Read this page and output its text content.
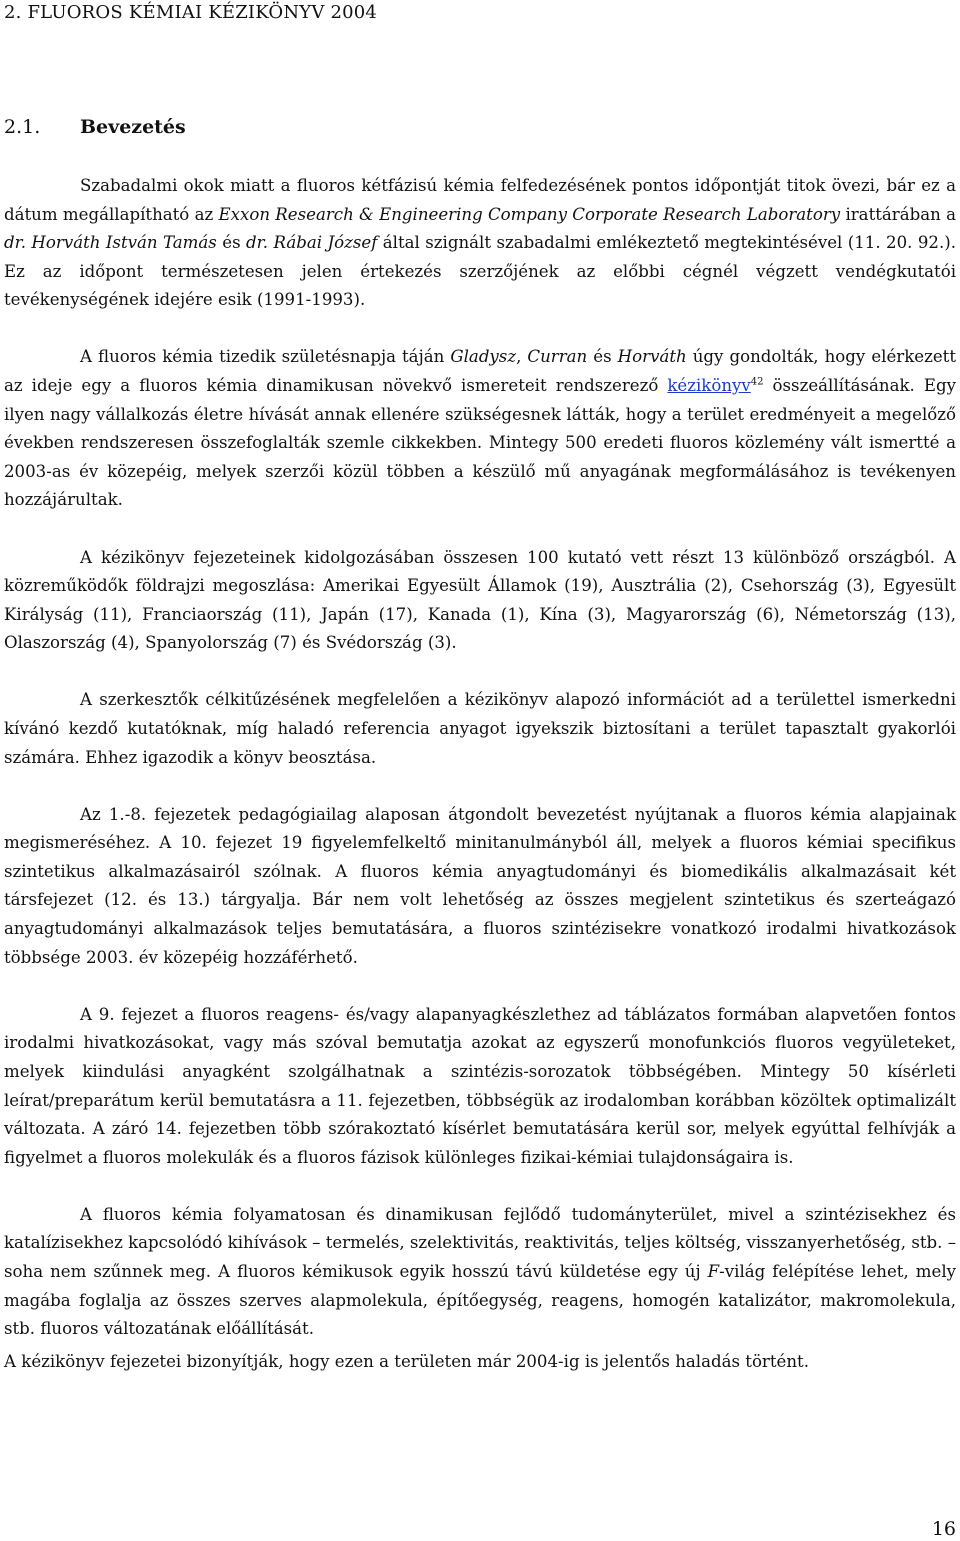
2. FLUOROS KÉMIAI KÉZIKÖNYV 2004
2.1. Bevezetés

Szabadalmi okok miatt a fluoros kétfázisú kémia felfedezésének pontos időpontját titok övezi, bár ez a dátum megállapítható az Exxon Research & Engineering Company Corporate Research Laboratory irattárában a dr. Horváth István Tamás és dr. Rábai József által szignált szabadalmi emlékeztető megtekintésével (11. 20. 92.). Ez az időpont természetesen jelen értekezés szerzőjének az előbbi cégnél végzett vendégkutatói tevékenységének idejére esik (1991-1993).

A fluoros kémia tizedik születésnapja táján Gladysz, Curran és Horváth úgy gondolták, hogy elérkezett az ideje egy a fluoros kémia dinamikusan növekvő ismereteit rendszerező kézikönyv$^{42}$ összeállításának. Egy ilyen nagy vállalkozás életre hívását annak ellenére szükségesnek látták, hogy a terület eredményeit a megelőző években rendszeresen összefoglalták szemle cikkekben. Mintegy 500 eredeti fluoros közlemény vált ismertté a 2003-as év közepéig, melyek szerzői közül többen a készülő mű anyagának megformálásához is tevékenyen hozzájárultak.

A kézikönyv fejezeteinek kidolgozásában összesen 100 kutató vett részt 13 különböző országból. A közreműködők földrajzi megoszlása: Amerikai Egyesült Államok (19), Ausztrália (2), Csehország (3), Egyesült Királyság (11), Franciaország (11), Japán (17), Kanada (1), Kína (3), Magyarország (6), Németország (13), Olaszország (4), Spanyolország (7) és Svédország (3).

A szerkesztők célkitűzésének megfelelően a kézikönyv alapozó információt ad a területtel ismerkedni kívánó kezdő kutatóknak, míg haladó referencia anyagot igyekszik biztosítani a terület tapasztalt gyakorlói számára. Ehhez igazodik a könyv beosztása.

Az 1.-8. fejezetek pedagógiailag alaposan átgondolt bevezetést nyújtanak a fluoros kémia alapjainak megismeréséhez. A 10. fejezet 19 figyelemfelkeltő minitanulmányból áll, melyek a fluoros kémiai specifikus szintetikus alkalmazásairól szólnak. A fluoros kémia anyagtudományi és biomedikális alkalmazásait két társfejezet (12. és 13.) tárgyalja. Bár nem volt lehetőség az összes megjelent szintetikus és szerteágazó anyagtudományi alkalmazások teljes bemutatására, a fluoros szintézisekre vonatkozó irodalmi hivatkozások többsége 2003. év közepéig hozzáférhető.

A 9. fejezet a fluoros reagens- és/vagy alapanyagkészlethez ad táblázatos formában alapvetően fontos irodalmi hivatkozásokat, vagy más szóval bemutatja azokat az egyszerű monofunkciós fluoros vegyületeket, melyek kiindulási anyagként szolgálhatnak a szintézis-sorozatok többségében. Mintegy 50 kísérleti leírat/preparátum kerül bemutatásra a 11. fejezetben, többségük az irodalomban korábban közöltek optimalizált változata. A záró 14. fejezetben több szórakoztató kísérlet bemutatására kerül sor, melyek egyúttal felhívják a figyelmet a fluoros molekulák és a fluoros fázisok különleges fizikai-kémiai tulajdonságaira is.

A fluoros kémia folyamatosan és dinamikusan fejlődő tudományterület, mivel a szintézisekhez és katalízisekhez kapcsolódó kihívások – termelés, szelektivitás, reaktivitás, teljes költség, visszanyerhetőség, stb. – soha nem szűnnek meg. A fluoros kémikusok egyik hosszú távú küldetése egy új F-világ felépítése lehet, mely magába foglalja az összes szerves alapmolekula, építőegység, reagens, homogén katalizátor, makromolekula, stb. fluoros változatának előállítását.

A kézikönyv fejezetei bizonyítják, hogy ezen a területen már 2004-ig is jelentős haladás történt.

16
